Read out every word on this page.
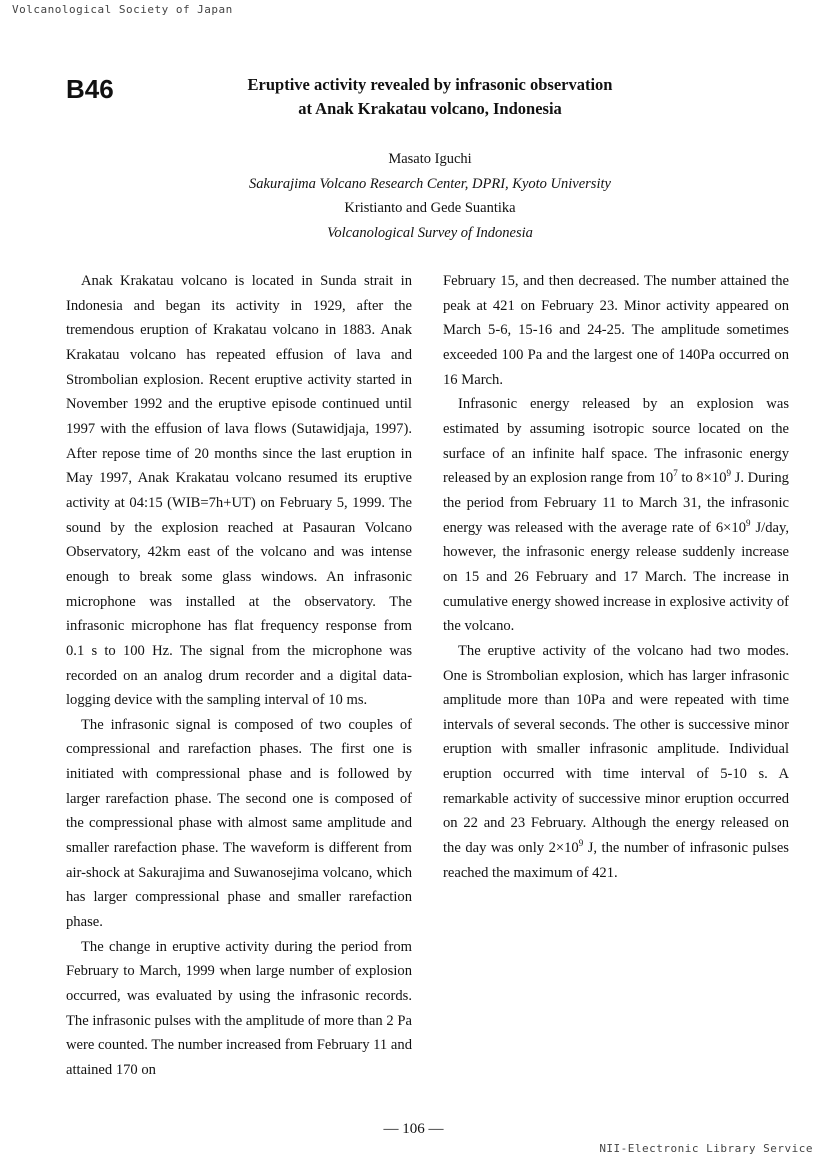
Volcanological Society of Japan
B46	Eruptive activity revealed by infrasonic observation
at Anak Krakatau volcano, Indonesia
Masato Iguchi
Sakurajima Volcano Research Center, DPRI, Kyoto University
Kristianto and Gede Suantika
Volcanological Survey of Indonesia

Anak Krakatau volcano is located in Sunda strait in Indonesia and began its activity in 1929, after the tremendous eruption of Krakatau volcano in 1883. Anak Krakatau volcano has repeated effusion of lava and Strombolian explosion. Recent eruptive activity started in November 1992 and the eruptive episode continued until 1997 with the effusion of lava flows (Sutawidjaja, 1997). After repose time of 20 months since the last eruption in May 1997, Anak Krakatau volcano resumed its eruptive activity at 04:15 (WIB=7h+UT) on February 5, 1999. The sound by the explosion reached at Pasauran Volcano Observatory, 42km east of the volcano and was intense enough to break some glass windows. An infrasonic microphone was installed at the observatory. The infrasonic microphone has flat frequency response from 0.1 s to 100 Hz. The signal from the microphone was recorded on an analog drum recorder and a digital data-logging device with the sampling interval of 10 ms.

The infrasonic signal is composed of two couples of compressional and rarefaction phases. The first one is initiated with compressional phase and is followed by larger rarefaction phase. The second one is composed of the compressional phase with almost same amplitude and smaller rarefaction phase. The waveform is different from air-shock at Sakurajima and Suwanosejima volcano, which has larger compressional phase and smaller rarefaction phase.

The change in eruptive activity during the period from February to March, 1999 when large number of explosion occurred, was evaluated by using the infrasonic records. The infrasonic pulses with the amplitude of more than 2 Pa were counted. The number increased from February 11 and attained 170 on

February 15, and then decreased. The number attained the peak at 421 on February 23. Minor activity appeared on March 5-6, 15-16 and 24-25. The amplitude sometimes exceeded 100 Pa and the largest one of 140Pa occurred on 16 March.

Infrasonic energy released by an explosion was estimated by assuming isotropic source located on the surface of an infinite half space. The infrasonic energy released by an explosion range from $10^7$ to $8\times 10^9$ J. During the period from February 11 to March 31, the infrasonic energy was released with the average rate of $6\times 10^9$ J/day, however, the infrasonic energy release suddenly increase on 15 and 26 February and 17 March. The increase in cumulative energy showed increase in explosive activity of the volcano.

The eruptive activity of the volcano had two modes. One is Strombolian explosion, which has larger infrasonic amplitude more than 10Pa and were repeated with time intervals of several seconds. The other is successive minor eruption with smaller infrasonic amplitude. Individual eruption occurred with time interval of 5-10 s. A remarkable activity of successive minor eruption occurred on 22 and 23 February. Although the energy released on the day was only $2\times 10^9$ J, the number of infrasonic pulses reached the maximum of 421.

— 106 —
NII-Electronic Library Service
